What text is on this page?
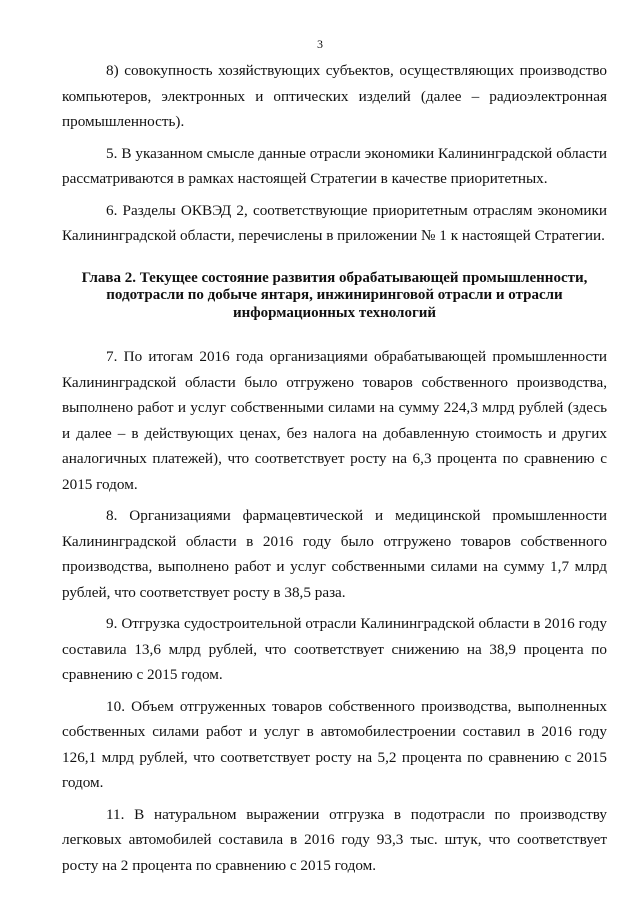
3

8) совокупность хозяйствующих субъектов, осуществляющих производство компьютеров, электронных и оптических изделий (далее – радиоэлектронная промышленность).

5. В указанном смысле данные отрасли экономики Калининградской области рассматриваются в рамках настоящей Стратегии в качестве приоритетных.

6. Разделы ОКВЭД 2, соответствующие приоритетным отраслям экономики Калининградской области, перечислены в приложении № 1 к настоящей Стратегии.

Глава 2. Текущее состояние развития обрабатывающей промышленности, подотрасли по добыче янтаря, инжиниринговой отрасли и отрасли информационных технологий

7. По итогам 2016 года организациями обрабатывающей промышленности Калининградской области было отгружено товаров собственного производства, выполнено работ и услуг собственными силами на сумму 224,3 млрд рублей (здесь и далее – в действующих ценах, без налога на добавленную стоимость и других аналогичных платежей), что соответствует росту на 6,3 процента по сравнению с 2015 годом.

8. Организациями фармацевтической и медицинской промышленности Калининградской области в 2016 году было отгружено товаров собственного производства, выполнено работ и услуг собственными силами на сумму 1,7 млрд рублей, что соответствует росту в 38,5 раза.

9. Отгрузка судостроительной отрасли Калининградской области в 2016 году составила 13,6 млрд рублей, что соответствует снижению на 38,9 процента по сравнению с 2015 годом.

10. Объем отгруженных товаров собственного производства, выполненных собственных силами работ и услуг в автомобилестроении составил в 2016 году 126,1 млрд рублей, что соответствует росту на 5,2 процента по сравнению с 2015 годом.

11. В натуральном выражении отгрузка в подотрасли по производству легковых автомобилей составила в 2016 году 93,3 тыс. штук, что соответствует росту на 2 процента по сравнению с 2015 годом.
